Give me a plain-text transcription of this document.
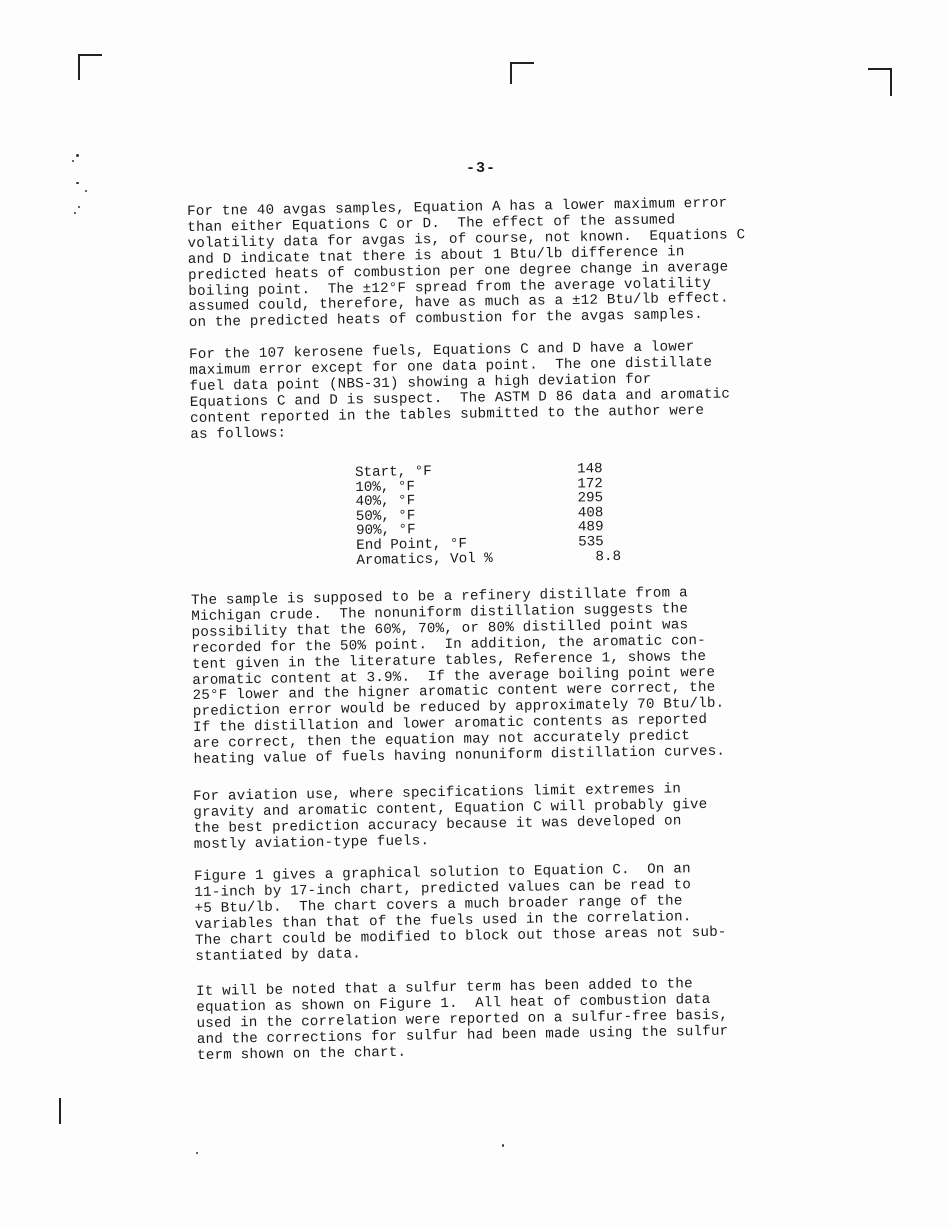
-3-

For tne 40 avgas samples, Equation A has a lower maximum error
than either Equations C or D.  The effect of the assumed
volatility data for avgas is, of course, not known.  Equations C
and D indicate tnat there is about 1 Btu/lb difference in
predicted heats of combustion per one degree change in average
boiling point.  The ±12°F spread from the average volatility
assumed could, therefore, have as much as a ±12 Btu/lb effect.
on the predicted heats of combustion for the avgas samples.

For the 107 kerosene fuels, Equations C and D have a lower
maximum error except for one data point.  The one distillate
fuel data point (NBS-31) showing a high deviation for
Equations C and D is suspect.  The ASTM D 86 data and aromatic
content reported in the tables submitted to the author were
as follows:

Start, °F	148
10%, °F	172
40%, °F	295
50%, °F	408
90%, °F	489
End Point, °F	535
Aromatics, Vol %	8.8

The sample is supposed to be a refinery distillate from a
Michigan crude.  The nonuniform distillation suggests the
possibility that the 60%, 70%, or 80% distilled point was
recorded for the 50% point.  In addition, the aromatic con-
tent given in the literature tables, Reference 1, shows the
aromatic content at 3.9%.  If the average boiling point were
25°F lower and the higner aromatic content were correct, the
prediction error would be reduced by approximately 70 Btu/lb.
If the distillation and lower aromatic contents as reported
are correct, then the equation may not accurately predict
heating value of fuels having nonuniform distillation curves.

For aviation use, where specifications limit extremes in
gravity and aromatic content, Equation C will probably give
the best prediction accuracy because it was developed on
mostly aviation-type fuels.

Figure 1 gives a graphical solution to Equation C.  On an
11-inch by 17-inch chart, predicted values can be read to
+5 Btu/lb.  The chart covers a much broader range of the
variables than that of the fuels used in the correlation.
The chart could be modified to block out those areas not sub-
stantiated by data.

It will be noted that a sulfur term has been added to the
equation as shown on Figure 1.  All heat of combustion data
used in the correlation were reported on a sulfur-free basis,
and the corrections for sulfur had been made using the sulfur
term shown on the chart.
